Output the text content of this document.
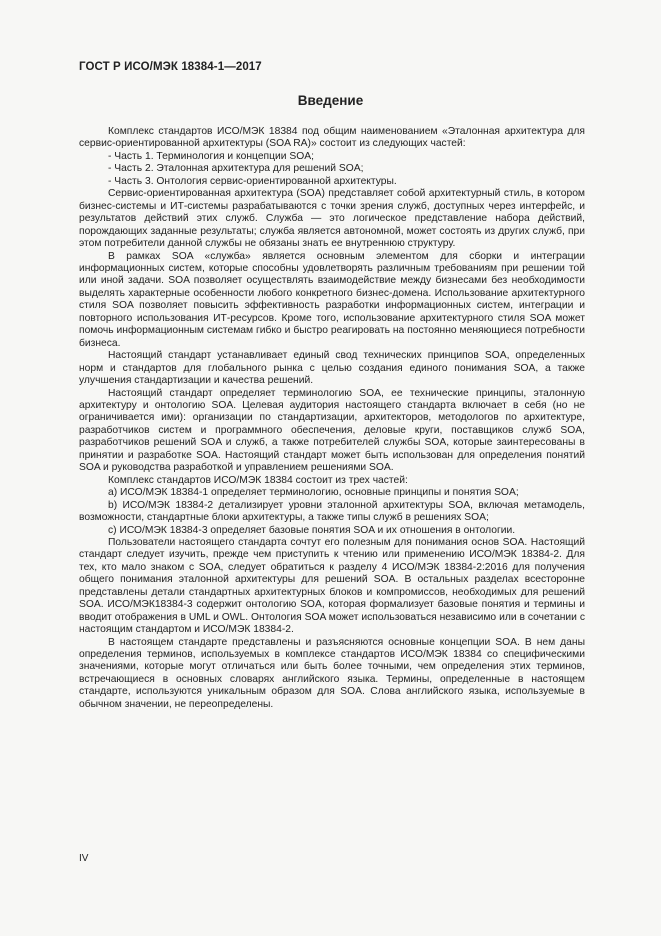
ГОСТ Р ИСО/МЭК 18384-1—2017
Введение

Комплекс стандартов ИСО/МЭК 18384 под общим наименованием «Эталонная архитектура для сервис-ориентированной архитектуры (SOA RA)» состоит из следующих частей:

- Часть 1. Терминология и концепции SOA;

- Часть 2. Эталонная архитектура для решений SOA;

- Часть 3. Онтология сервис-ориентированной архитектуры.

Сервис-ориентированная архитектура (SOA) представляет собой архитектурный стиль, в котором бизнес-системы и ИТ-системы разрабатываются с точки зрения служб, доступных через интерфейс, и результатов действий этих служб. Служба — это логическое представление набора действий, порождающих заданные результаты; служба является автономной, может состоять из других служб, при этом потребители данной службы не обязаны знать ее внутреннюю структуру.

В рамках SOA «служба» является основным элементом для сборки и интеграции информационных систем, которые способны удовлетворять различным требованиям при решении той или иной задачи. SOA позволяет осуществлять взаимодействие между бизнесами без необходимости выделять характерные особенности любого конкретного бизнес-домена. Использование архитектурного стиля SOA позволяет повысить эффективность разработки информационных систем, интеграции и повторного использования ИТ-ресурсов. Кроме того, использование архитектурного стиля SOA может помочь информационным системам гибко и быстро реагировать на постоянно меняющиеся потребности бизнеса.

Настоящий стандарт устанавливает единый свод технических принципов SOA, определенных норм и стандартов для глобального рынка с целью создания единого понимания SOA, а также улучшения стандартизации и качества решений.

Настоящий стандарт определяет терминологию SOA, ее технические принципы, эталонную архитектуру и онтологию SOA. Целевая аудитория настоящего стандарта включает в себя (но не ограничивается ими): организации по стандартизации, архитекторов, методологов по архитектуре, разработчиков систем и программного обеспечения, деловые круги, поставщиков служб SOA, разработчиков решений SOA и служб, а также потребителей службы SOA, которые заинтересованы в принятии и разработке SOA. Настоящий стандарт может быть использован для определения понятий SOA и руководства разработкой и управлением решениями SOA.

Комплекс стандартов ИСО/МЭК 18384 состоит из трех частей:

a) ИСО/МЭК 18384-1 определяет терминологию, основные принципы и понятия SOA;

b) ИСО/МЭК 18384-2 детализирует уровни эталонной архитектуры SOA, включая метамодель, возможности, стандартные блоки архитектуры, а также типы служб в решениях SOA;

c) ИСО/МЭК 18384-3 определяет базовые понятия SOA и их отношения в онтологии.

Пользователи настоящего стандарта сочтут его полезным для понимания основ SOA. Настоящий стандарт следует изучить, прежде чем приступить к чтению или применению ИСО/МЭК 18384-2. Для тех, кто мало знаком с SOA, следует обратиться к разделу 4 ИСО/МЭК 18384-2:2016 для получения общего понимания эталонной архитектуры для решений SOA. В остальных разделах всесторонне представлены детали стандартных архитектурных блоков и компромиссов, необходимых для решений SOA. ИСО/МЭК18384-3 содержит онтологию SOA, которая формализует базовые понятия и термины и вводит отображения в UML и OWL. Онтология SOA может использоваться независимо или в сочетании с настоящим стандартом и ИСО/МЭК 18384-2.

В настоящем стандарте представлены и разъясняются основные концепции SOA. В нем даны определения терминов, используемых в комплексе стандартов ИСО/МЭК 18384 со специфическими значениями, которые могут отличаться или быть более точными, чем определения этих терминов, встречающиеся в основных словарях английского языка. Термины, определенные в настоящем стандарте, используются уникальным образом для SOA. Слова английского языка, используемые в обычном значении, не переопределены.

IV
